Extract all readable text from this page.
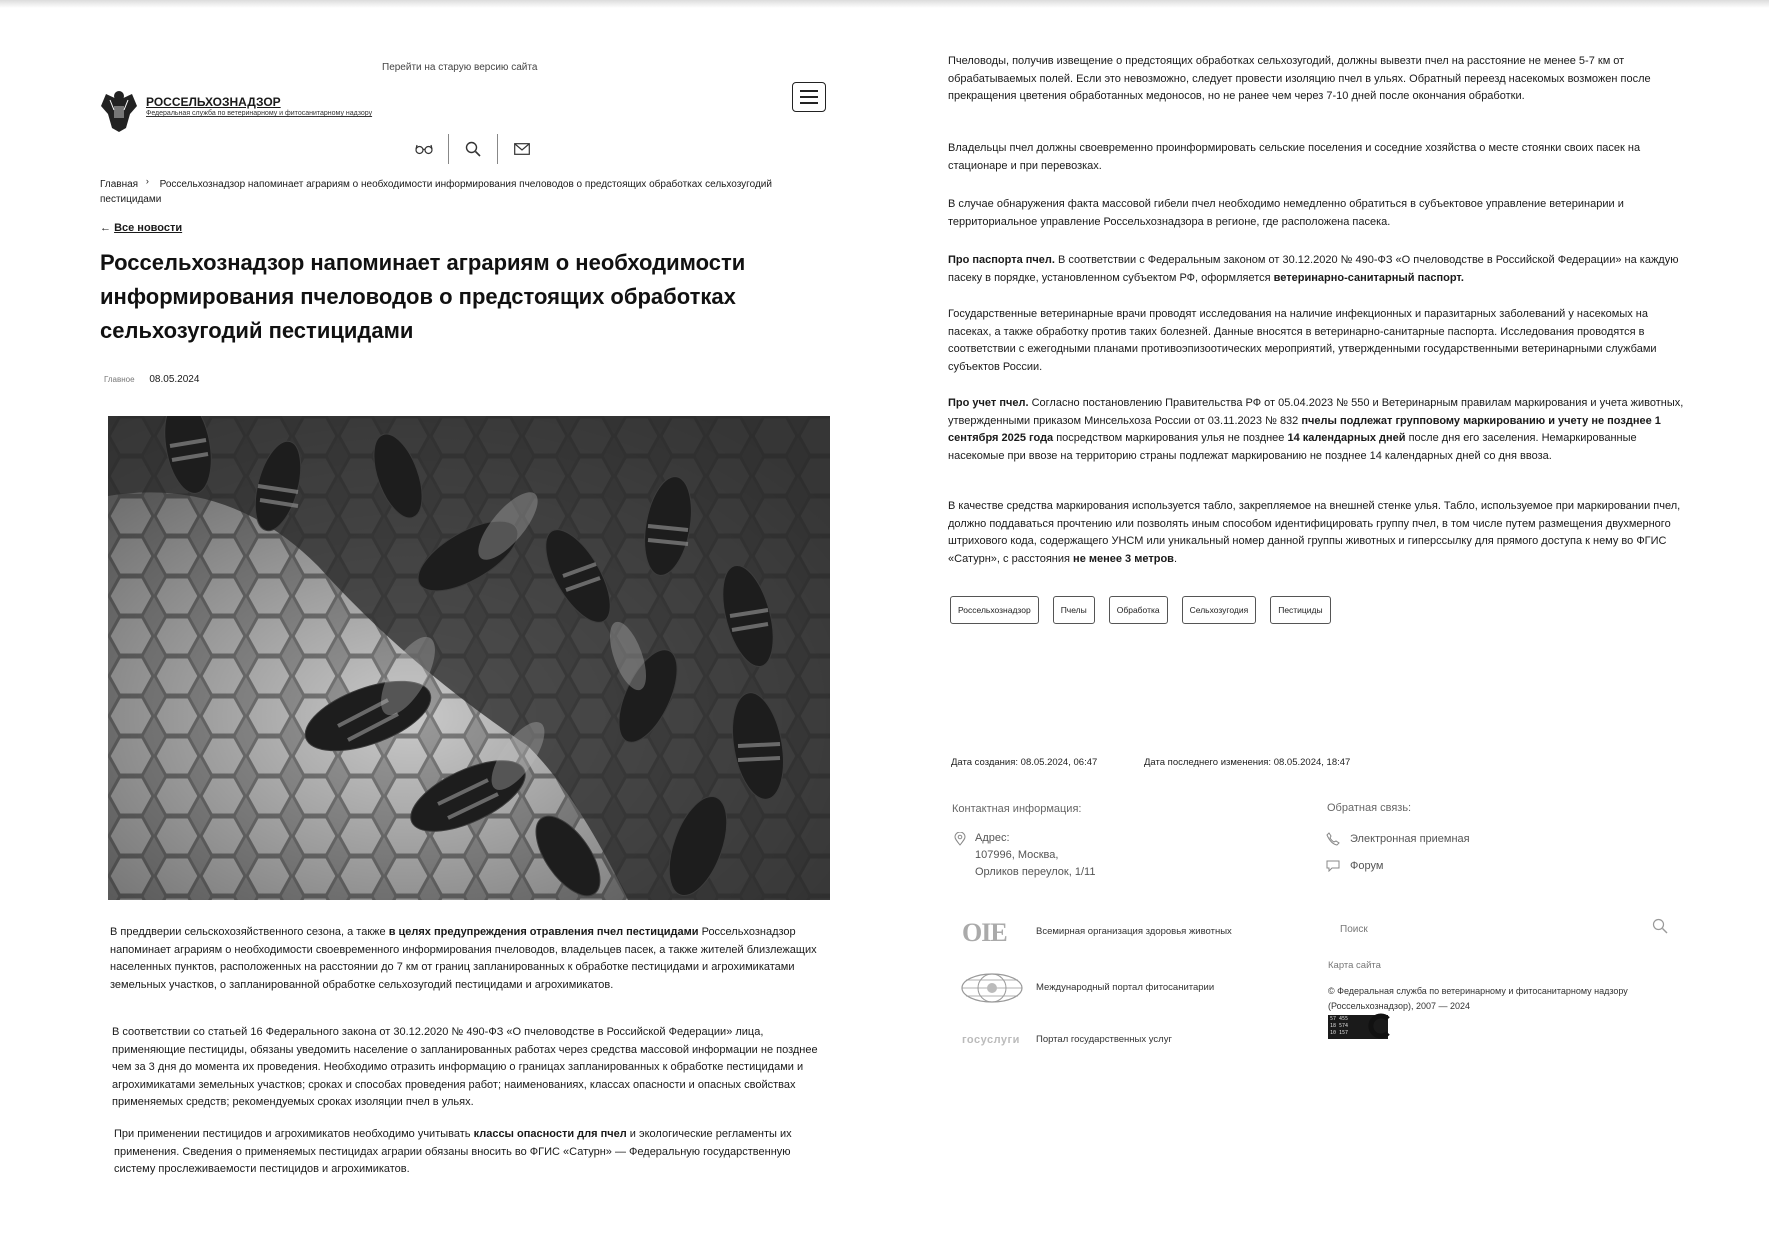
Перейти на старую версию сайта
РОССЕЛЬХОЗНАДЗОР
Федеральная служба по ветеринарному и фитосанитарному надзору
Главная › Россельхознадзор напоминает аграриям о необходимости информирования пчеловодов о предстоящих обработках сельхозугодий пестицидами
← Все новости
Россельхознадзор напоминает аграриям о необходимости информирования пчеловодов о предстоящих обработках сельхозугодий пестицидами
Главное 08.05.2024
В преддверии сельскохозяйственного сезона, а также в целях предупреждения отравления пчел пестицидами Россельхознадзор напоминает аграриям о необходимости своевременного информирования пчеловодов, владельцев пасек, а также жителей близлежащих населенных пунктов, расположенных на расстоянии до 7 км от границ запланированных к обработке пестицидами и агрохимикатами земельных участков, о запланированной обработке сельхозугодий пестицидами и агрохимикатов.
В соответствии со статьей 16 Федерального закона от 30.12.2020 № 490-ФЗ «О пчеловодстве в Российской Федерации» лица, применяющие пестициды, обязаны уведомить население о запланированных работах через средства массовой информации не позднее чем за 3 дня до момента их проведения. Необходимо отразить информацию о границах запланированных к обработке пестицидами и агрохимикатами земельных участков; сроках и способах проведения работ; наименованиях, классах опасности и опасных свойствах применяемых средств; рекомендуемых сроках изоляции пчел в ульях.
При применении пестицидов и агрохимикатов необходимо учитывать классы опасности для пчел и экологические регламенты их применения. Сведения о применяемых пестицидах аграрии обязаны вносить во ФГИС «Сатурн» — Федеральную государственную систему прослеживаемости пестицидов и агрохимикатов.
Пчеловоды, получив извещение о предстоящих обработках сельхозугодий, должны вывезти пчел на расстояние не менее 5-7 км от обрабатываемых полей. Если это невозможно, следует провести изоляцию пчел в ульях. Обратный переезд насекомых возможен после прекращения цветения обработанных медоносов, но не ранее чем через 7-10 дней после окончания обработки.
Владельцы пчел должны своевременно проинформировать сельские поселения и соседние хозяйства о месте стоянки своих пасек на стационаре и при перевозках.
В случае обнаружения факта массовой гибели пчел необходимо немедленно обратиться в субъектовое управление ветеринарии и территориальное управление Россельхознадзора в регионе, где расположена пасека.
Про паспорта пчел. В соответствии с Федеральным законом от 30.12.2020 № 490-ФЗ «О пчеловодстве в Российской Федерации» на каждую пасеку в порядке, установленном субъектом РФ, оформляется ветеринарно-санитарный паспорт.
Государственные ветеринарные врачи проводят исследования на наличие инфекционных и паразитарных заболеваний у насекомых на пасеках, а также обработку против таких болезней. Данные вносятся в ветеринарно-санитарные паспорта. Исследования проводятся в соответствии с ежегодными планами противоэпизоотических мероприятий, утвержденными государственными ветеринарными службами субъектов России.
Про учет пчел. Согласно постановлению Правительства РФ от 05.04.2023 № 550 и Ветеринарным правилам маркирования и учета животных, утвержденными приказом Минсельхоза России от 03.11.2023 № 832 пчелы подлежат групповому маркированию и учету не позднее 1 сентября 2025 года посредством маркирования улья не позднее 14 календарных дней после дня его заселения. Немаркированные насекомые при ввозе на территорию страны подлежат маркированию не позднее 14 календарных дней со дня ввоза.
В качестве средства маркирования используется табло, закрепляемое на внешней стенке улья. Табло, используемое при маркировании пчел, должно поддаваться прочтению или позволять иным способом идентифицировать группу пчел, в том числе путем размещения двухмерного штрихового кода, содержащего УНСМ или уникальный номер данной группы животных и гиперссылку для прямого доступа к нему во ФГИС «Сатурн», с расстояния не менее 3 метров.
Россельхознадзор	Пчелы	Обработка	Сельхозугодия	Пестициды
Дата создания: 08.05.2024, 06:47	Дата последнего изменения: 08.05.2024, 18:47
Контактная информация:
Адрес:
107996, Москва,
Орликов переулок, 1/11
Обратная связь:
Электронная приемная
Форум
OIE	Всемирная организация здоровья животных
Международный портал фитосанитарии
госуслуги Портал государственных услуг
Поиск
Карта сайта
© Федеральная служба по ветеринарному и фитосанитарному надзору (Россельхознадзор), 2007 — 2024
57 455
18 574
10 157
